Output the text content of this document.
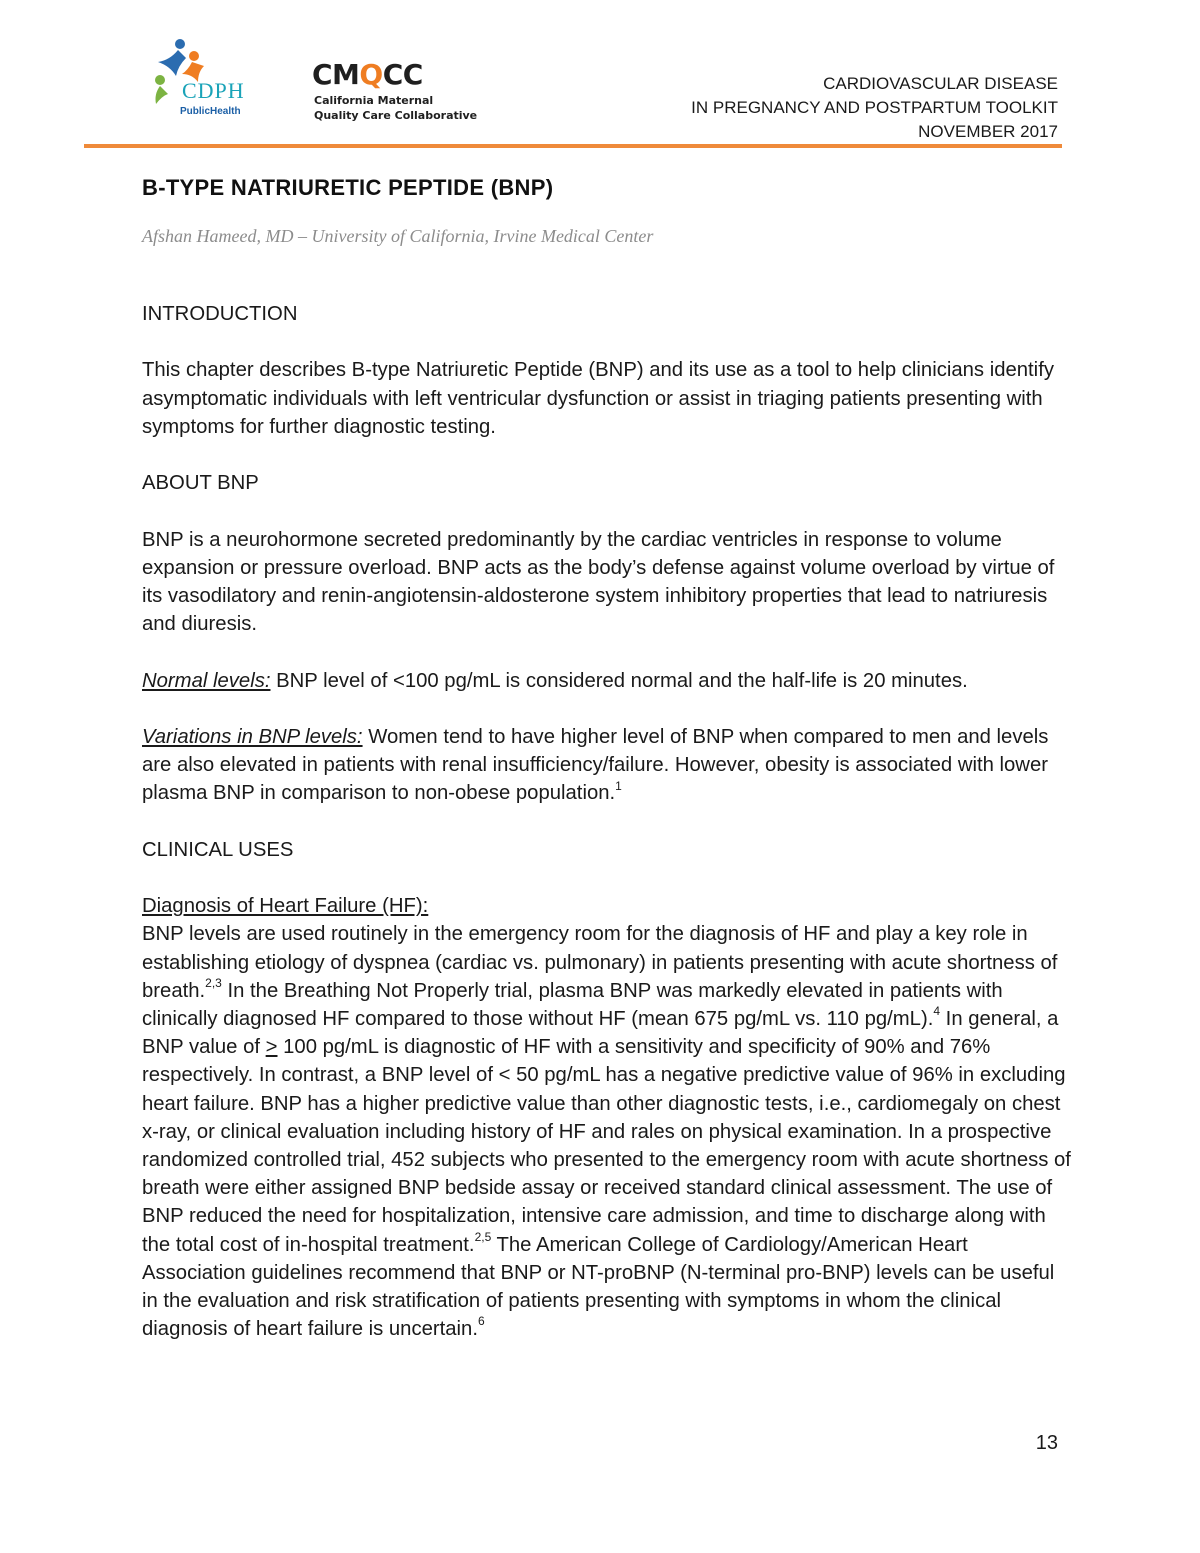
CDPH
PublicHealth
CMQCC
California Maternal
Quality Care Collaborative
CARDIOVASCULAR DISEASE
IN PREGNANCY AND POSTPARTUM TOOLKIT
NOVEMBER 2017
B-TYPE NATRIURETIC PEPTIDE (BNP)
Afshan Hameed, MD – University of California, Irvine Medical Center

INTRODUCTION

This chapter describes B-type Natriuretic Peptide (BNP) and its use as a tool to help clinicians identify asymptomatic individuals with left ventricular dysfunction or assist in triaging patients presenting with symptoms for further diagnostic testing.

ABOUT BNP

BNP is a neurohormone secreted predominantly by the cardiac ventricles in response to volume expansion or pressure overload. BNP acts as the body’s defense against volume overload by virtue of its vasodilatory and renin-angiotensin-aldosterone system inhibitory properties that lead to natriuresis and diuresis.

Normal levels: BNP level of <100 pg/mL is considered normal and the half-life is 20 minutes.

Variations in BNP levels: Women tend to have higher level of BNP when compared to men and levels are also elevated in patients with renal insufficiency/failure. However, obesity is associated with lower plasma BNP in comparison to non-obese population.$^1$

CLINICAL USES

Diagnosis of Heart Failure (HF):

BNP levels are used routinely in the emergency room for the diagnosis of HF and play a key role in establishing etiology of dyspnea (cardiac vs. pulmonary) in patients presenting with acute shortness of breath.$^{2,3}$ In the Breathing Not Properly trial, plasma BNP was markedly elevated in patients with clinically diagnosed HF compared to those without HF (mean 675 pg/mL vs. 110 pg/mL).$^4$ In general, a BNP value of ≥ 100 pg/mL is diagnostic of HF with a sensitivity and specificity of 90% and 76% respectively. In contrast, a BNP level of < 50 pg/mL has a negative predictive value of 96% in excluding heart failure. BNP has a higher predictive value than other diagnostic tests, i.e., cardiomegaly on chest x-ray, or clinical evaluation including history of HF and rales on physical examination. In a prospective randomized controlled trial, 452 subjects who presented to the emergency room with acute shortness of breath were either assigned BNP bedside assay or received standard clinical assessment. The use of BNP reduced the need for hospitalization, intensive care admission, and time to discharge along with the total cost of in-hospital treatment.$^{2,5}$ The American College of Cardiology/American Heart Association guidelines recommend that BNP or NT-proBNP (N-terminal pro-BNP) levels can be useful in the evaluation and risk stratification of patients presenting with symptoms in whom the clinical diagnosis of heart failure is uncertain.$^6$

13
